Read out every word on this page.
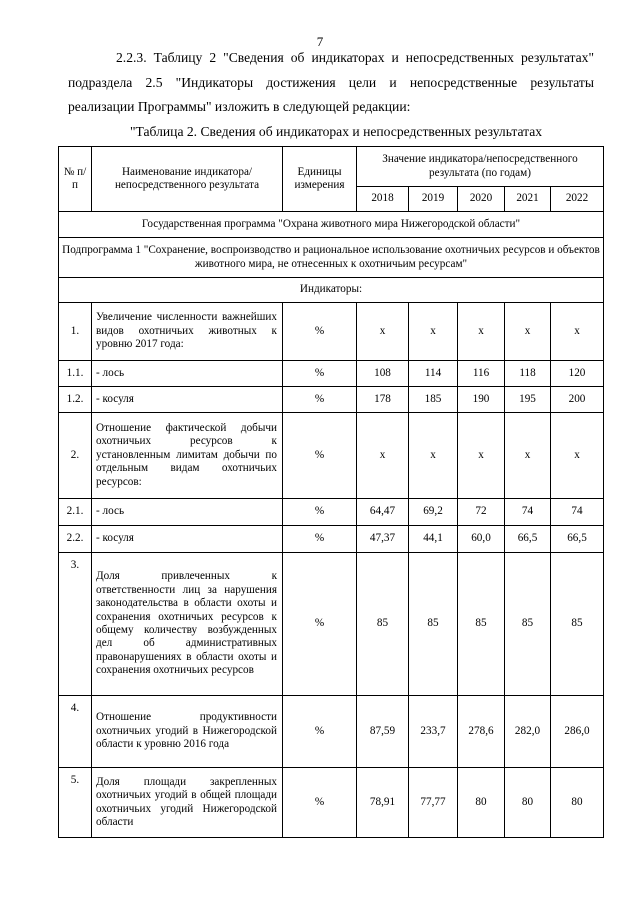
7

2.2.3. Таблицу 2 "Сведения об индикаторах и непосредственных результатах" подраздела 2.5 "Индикаторы достижения цели и непосредственные результаты реализации Программы" изложить в следующей редакции:

"Таблица 2. Сведения об индикаторах и непосредственных результатах

№ п/п	Наименование индикатора/непосредственного результата	Единицы измерения	Значение индикатора/непосредственного результата (по годам)				
			2018	2019	2020	2021	2022
Государственная программа "Охрана животного мира Нижегородской области"							
Подпрограмма 1 "Сохранение, воспроизводство и рациональное использование охотничьих ресурсов и объектов животного мира, не отнесенных к охотничьим ресурсам"							
Индикаторы:							
1.	Увеличение численности важнейших видов охотничьих животных к уровню 2017 года:	%	х	х	х	х	х
1.1.	- лось	%	108	114	116	118	120
1.2.	- косуля	%	178	185	190	195	200
2.	Отношение фактической добычи охотничьих ресурсов к установленным лимитам добычи по отдельным видам охотничьих ресурсов:	%	х	х	х	х	х
2.1.	- лось	%	64,47	69,2	72	74	74
2.2.	- косуля	%	47,37	44,1	60,0	66,5	66,5
3.	Доля привлеченных к ответственности лиц за нарушения законодательства в области охоты и сохранения охотничьих ресурсов к общему количеству возбужденных дел об административных правонарушениях в области охоты и сохранения охотничьих ресурсов	%	85	85	85	85	85
4.	Отношение продуктивности охотничьих угодий в Нижегородской области к уровню 2016 года	%	87,59	233,7	278,6	282,0	286,0
5.	Доля площади закрепленных охотничьих угодий в общей площади охотничьих угодий Нижегородской области	%	78,91	77,77	80	80	80
